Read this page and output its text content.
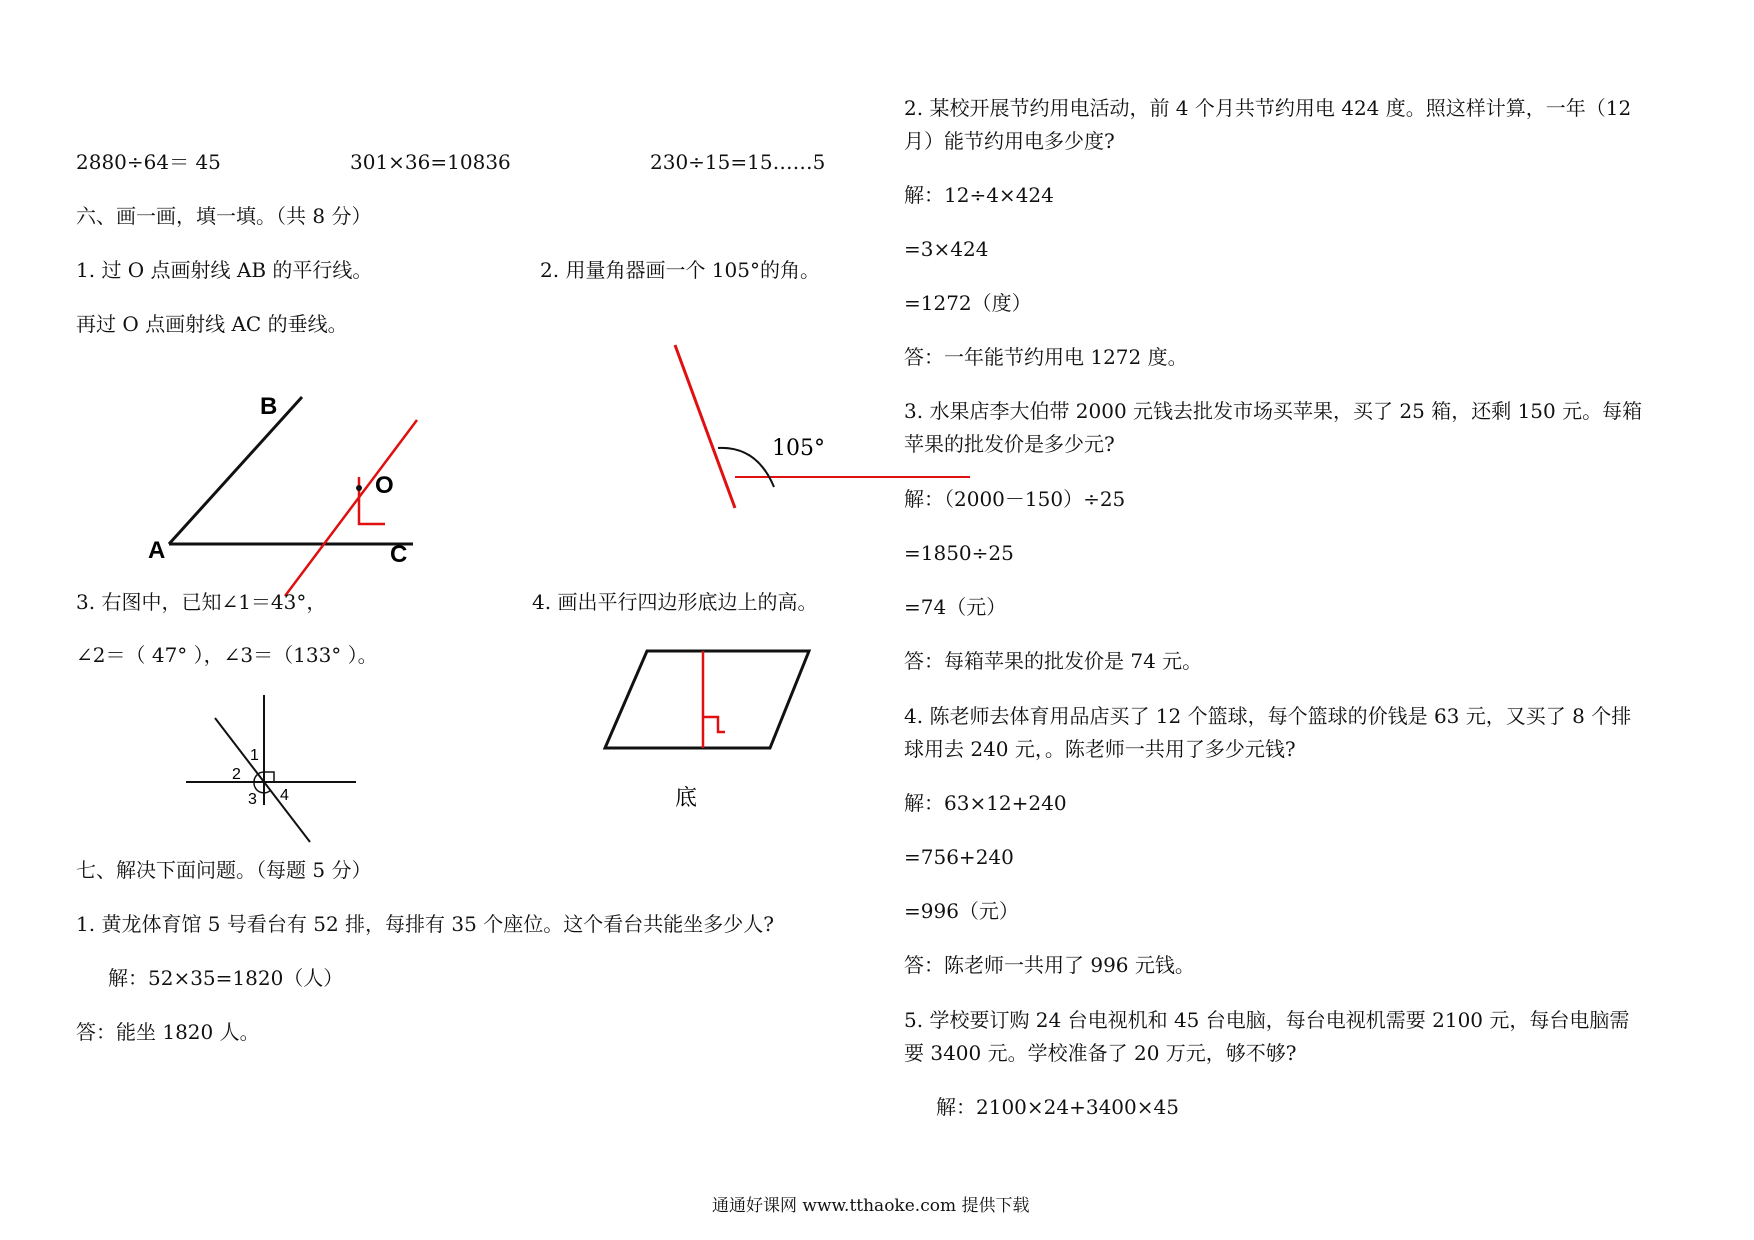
2880÷64＝ 45	301×36=10836	230÷15=15……5
六、画一画，填一填。（共 8 分）
1. 过 O 点画射线 AB 的平行线。	2. 用量角器画一个 105°的角。
再过 O 点画射线 AC 的垂线。
B
A	C
O
105°
3. 右图中，已知∠1＝43°，	4. 画出平行四边形底边上的高。
∠2＝（ 47° ），∠3＝（133° ）。
1
2
3 4	底
七、解决下面问题。（每题 5 分）
1. 黄龙体育馆 5 号看台有 52 排，每排有 35 个座位。这个看台共能坐多少人?
解：52×35=1820（人）
答：能坐 1820 人。
2. 某校开展节约用电活动，前 4 个月共节约用电 424 度。照这样计算，一年（12
月）能节约用电多少度?
解：12÷4×424
=3×424
=1272（度）
答：一年能节约用电 1272 度。
3. 水果店李大伯带 2000 元钱去批发市场买苹果，买了 25 箱，还剩 150 元。每箱
苹果的批发价是多少元?
解：（2000－150）÷25
=1850÷25
=74（元）
答：每箱苹果的批发价是 74 元。
4. 陈老师去体育用品店买了 12 个篮球，每个篮球的价钱是 63 元，又买了 8 个排
球用去 240 元，。陈老师一共用了多少元钱?
解：63×12+240
=756+240
=996（元）
答：陈老师一共用了 996 元钱。
5. 学校要订购 24 台电视机和 45 台电脑，每台电视机需要 2100 元，每台电脑需
要 3400 元。学校准备了 20 万元，够不够?
解：2100×24+3400×45
通通好课网 www.tthaoke.com 提供下载
